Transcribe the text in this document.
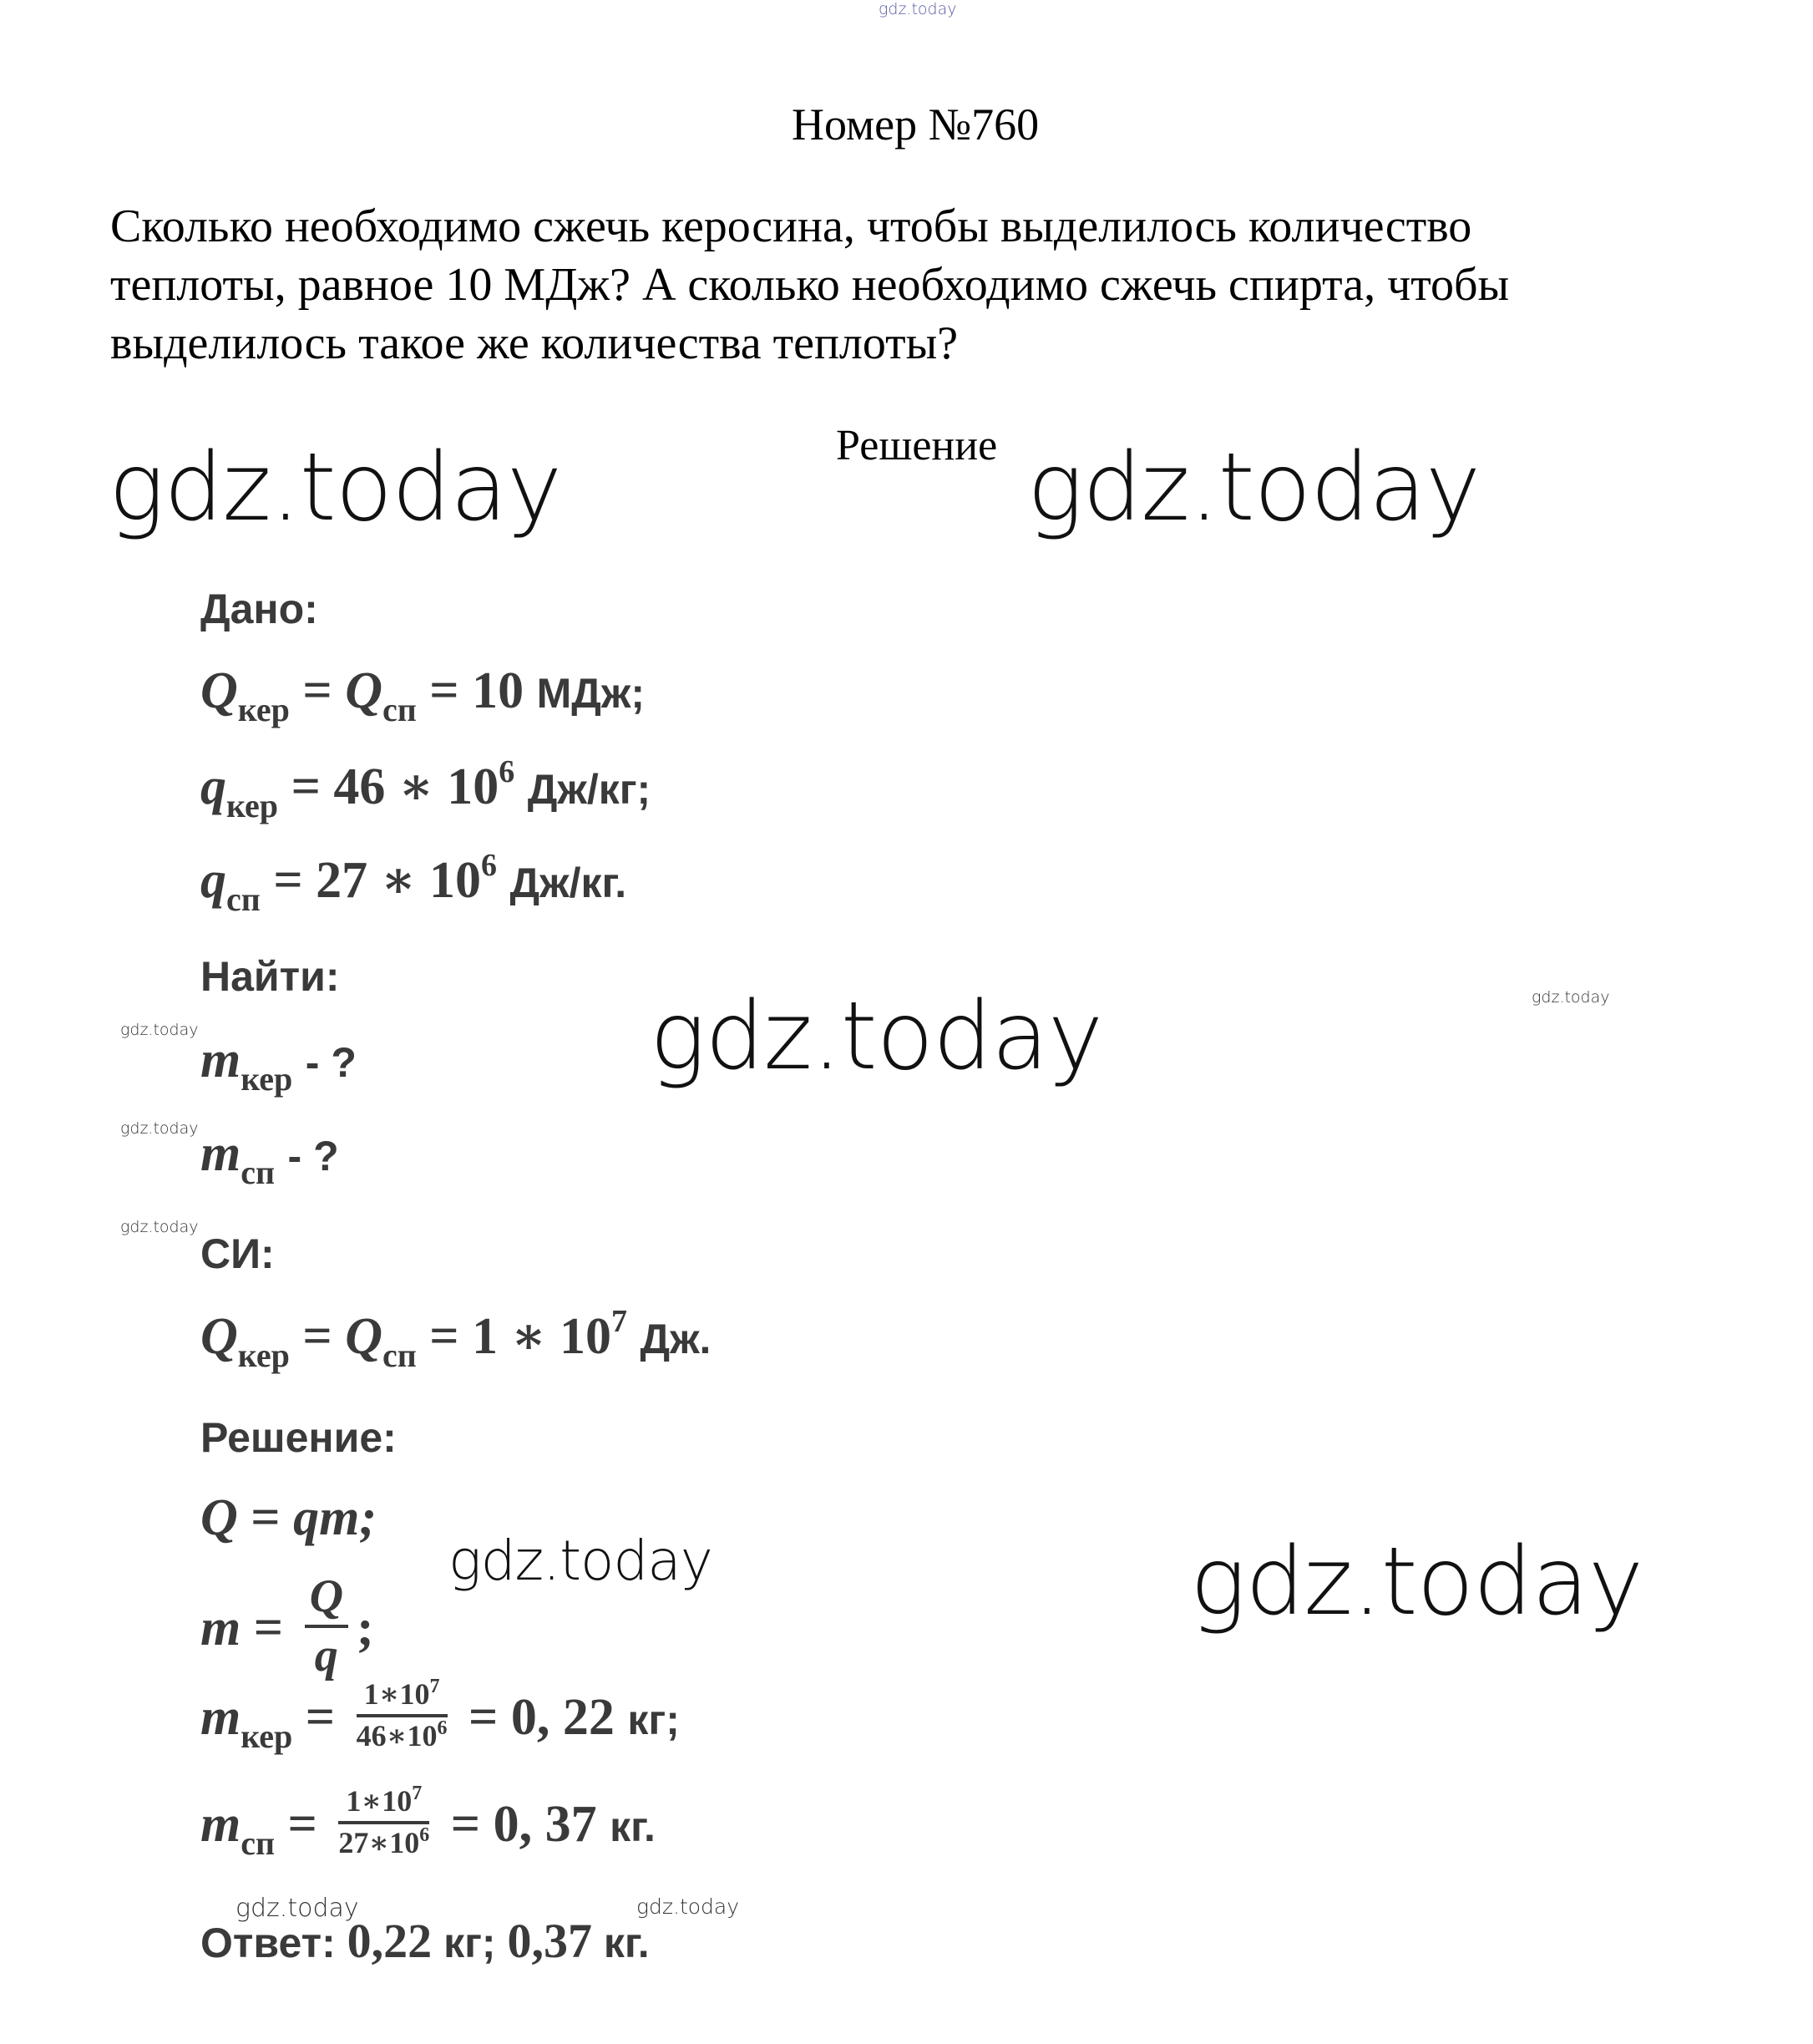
gdz.today
gdz.today	gdz.today
gdz.today
gdz.today
gdz.today
gdz.today
gdz.today
gdz.today
gdz.today
gdz.today
gdz.today
Номер №760
Сколько необходимо сжечь керосина, чтобы выделилось количество
теплоты, равное 10 МДж? А сколько необходимо сжечь спирта, чтобы
выделилось такое же количества теплоты?
Решение
Дано:
$Q_{кер} = Q_{сп} = 10$ МДж;
$q_{кер} = 46$ ∗ $10^6$ Дж/кг;
$q_{сп} = 27$ ∗ $10^6$ Дж/кг.
Найти:
$m_{кер}$ - ?
$m_{сп}$ - ?
СИ:
$Q_{кер} = Q_{сп} = 1$ ∗ $10^7$ Дж.
Решение:
Q = qm;
$m = \frac{Q}{q}$ ;
$m_{кер} = \frac{1∗10^7}{46∗10^6} = 0$, 22 кг;
$m_{сп} = \frac{1∗10^7}{27∗10^6} = 0$, 37 кг.
Ответ: 0,22 кг; 0,37 кг.
